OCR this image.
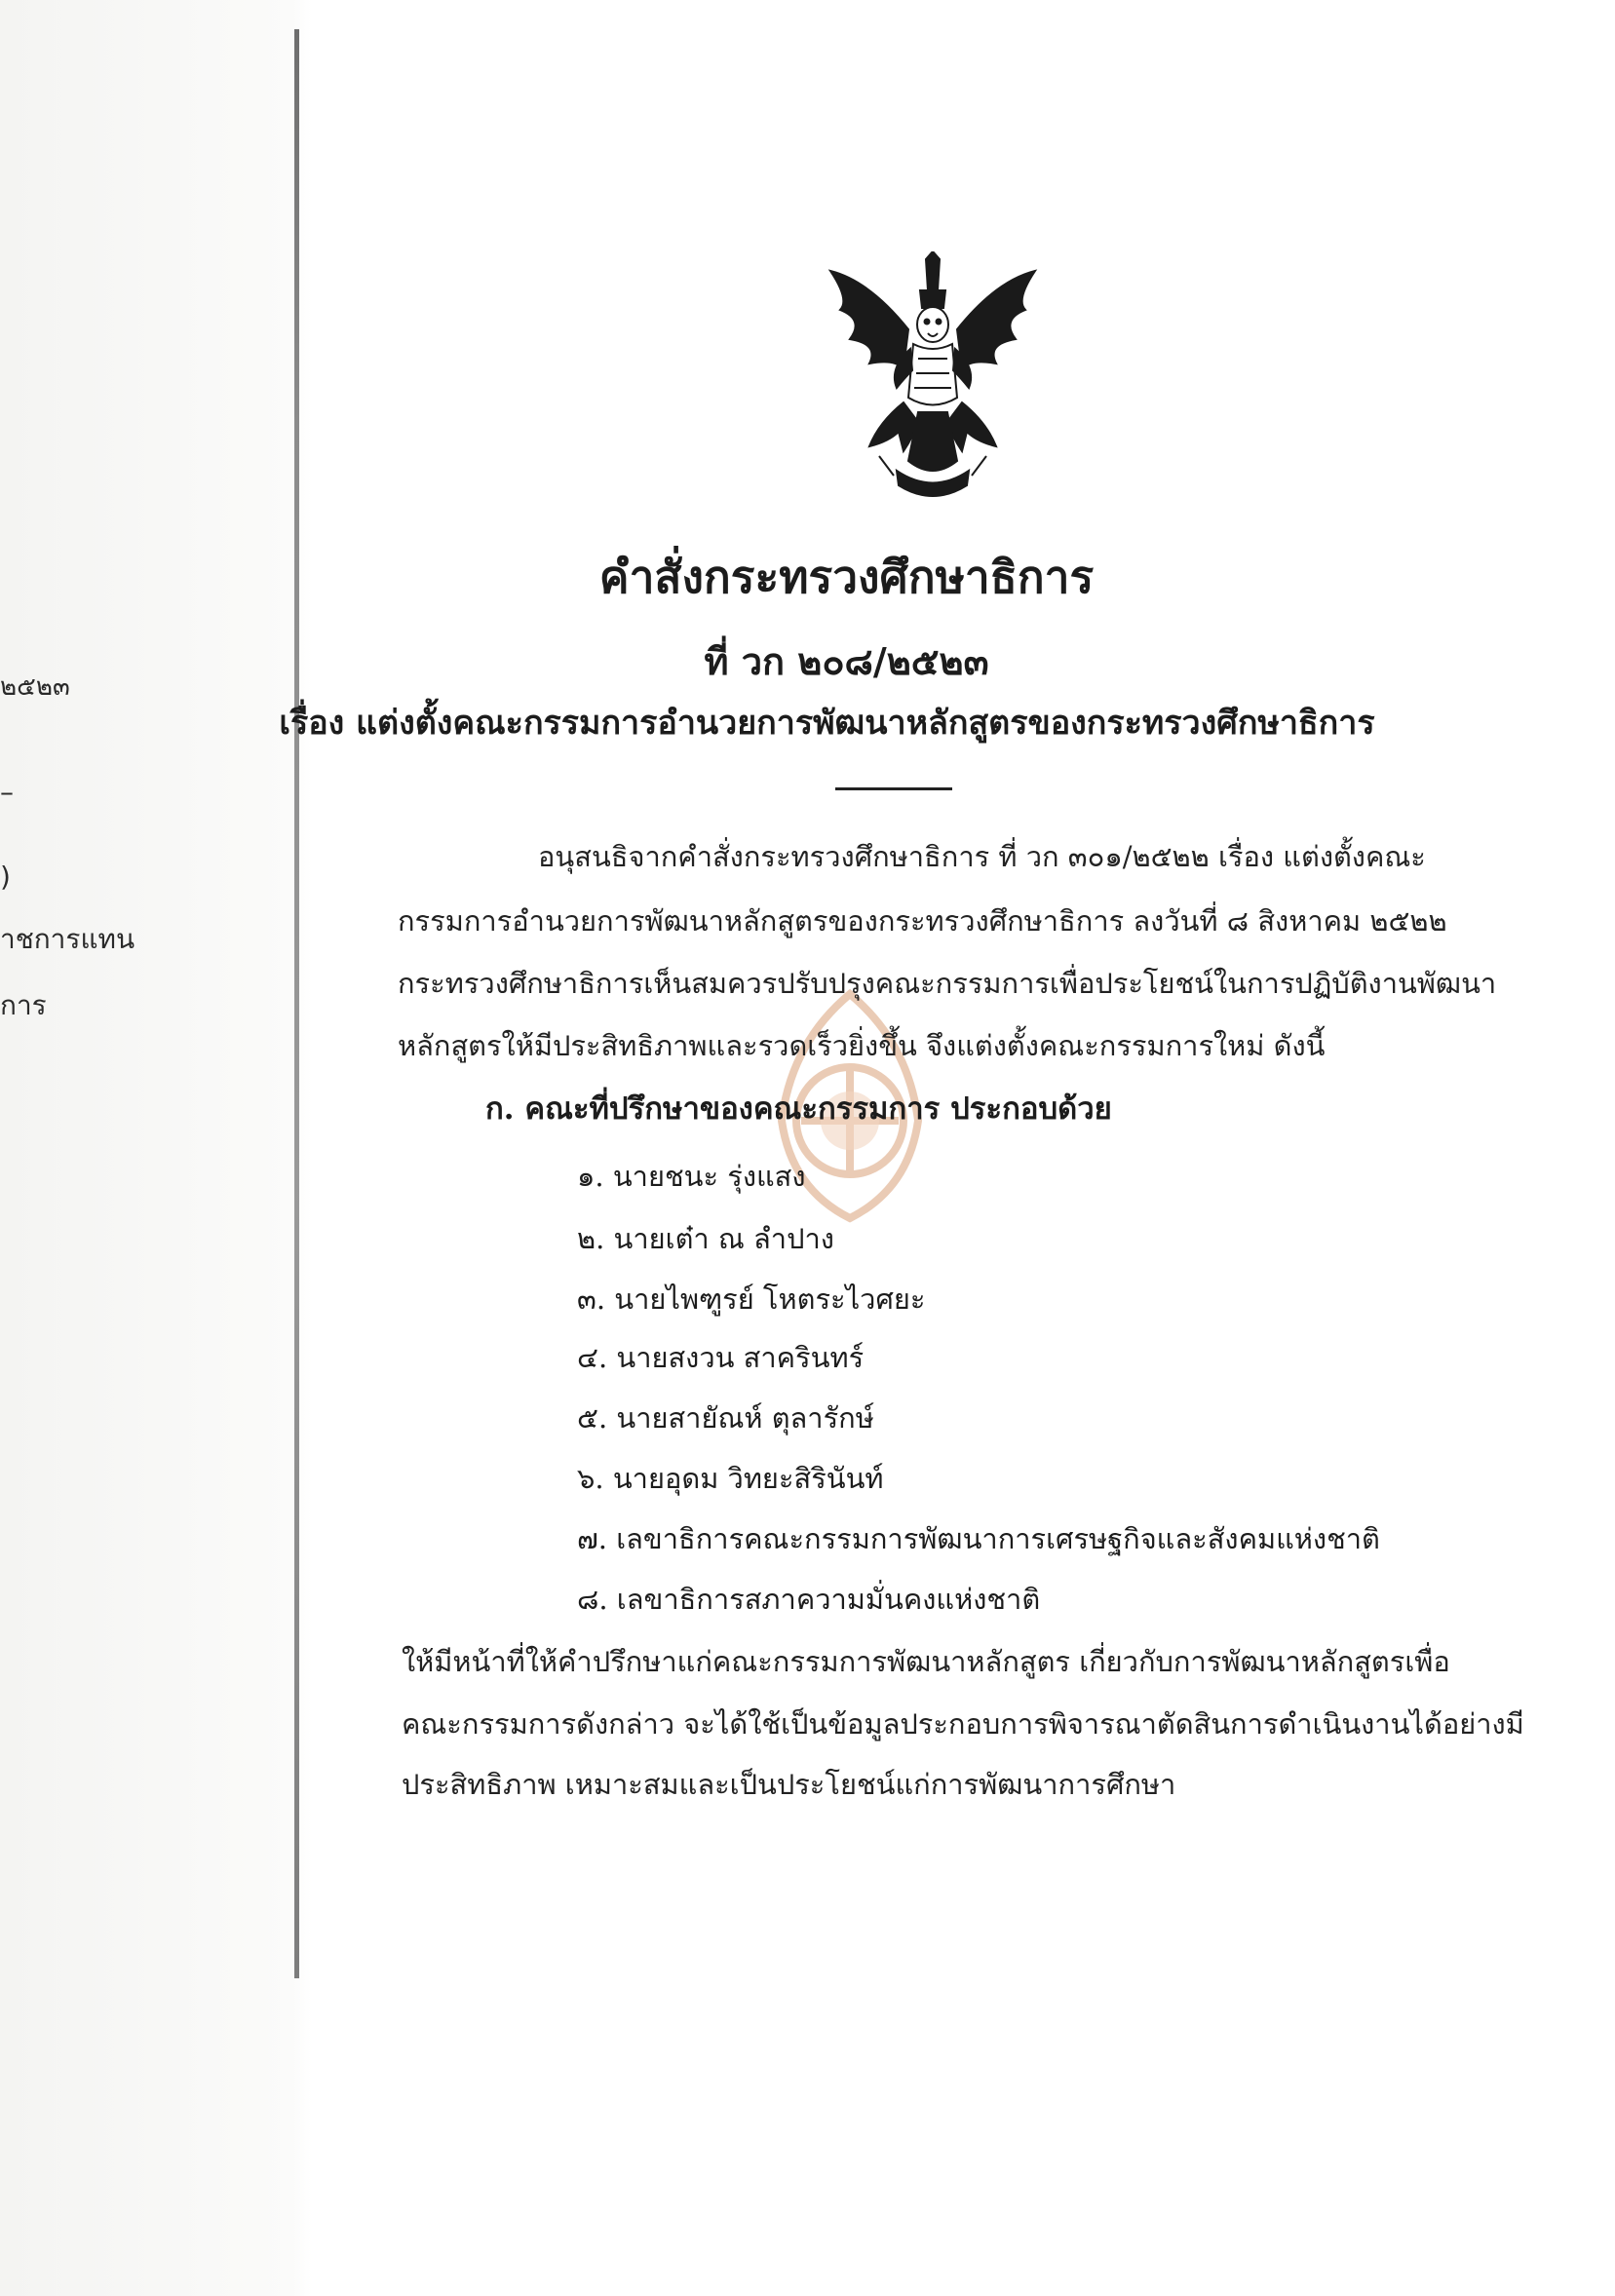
๒๕๒๓
–
ี)
าชการแทน
ี่การ
คำสั่งกระทรวงศึกษาธิการ
ที่ วก ๒๐๘/๒๕๒๓
เรื่อง แต่งตั้งคณะกรรมการอำนวยการพัฒนาหลักสูตรของกระทรวงศึกษาธิการ
อนุสนธิจากคำสั่งกระทรวงศึกษาธิการ ที่ วก ๓๐๑/๒๕๒๒ เรื่อง แต่งตั้งคณะ
กรรมการอำนวยการพัฒนาหลักสูตรของกระทรวงศึกษาธิการ ลงวันที่ ๘ สิงหาคม ๒๕๒๒
กระทรวงศึกษาธิการเห็นสมควรปรับปรุงคณะกรรมการเพื่อประโยชน์ในการปฏิบัติงานพัฒนา
หลักสูตรให้มีประสิทธิภาพและรวดเร็วยิ่งขึ้น จึงแต่งตั้งคณะกรรมการใหม่ ดังนี้
ก. คณะที่ปรึกษาของคณะกรรมการ ประกอบด้วย
๑. นายชนะ รุ่งแสง
๒. นายเต๋า ณ ลำปาง
๓. นายไพฑูรย์ โหตระไวศยะ
๔. นายสงวน สาครินทร์
๕. นายสายัณห์ ตุลารักษ์
๖. นายอุดม วิทยะสิรินันท์
๗. เลขาธิการคณะกรรมการพัฒนาการเศรษฐกิจและสังคมแห่งชาติ
๘. เลขาธิการสภาความมั่นคงแห่งชาติ
ให้มีหน้าที่ให้คำปรึกษาแก่คณะกรรมการพัฒนาหลักสูตร เกี่ยวกับการพัฒนาหลักสูตรเพื่อ
คณะกรรมการดังกล่าว จะได้ใช้เป็นข้อมูลประกอบการพิจารณาตัดสินการดำเนินงานได้อย่างมี
ประสิทธิภาพ เหมาะสมและเป็นประโยชน์แก่การพัฒนาการศึกษา
